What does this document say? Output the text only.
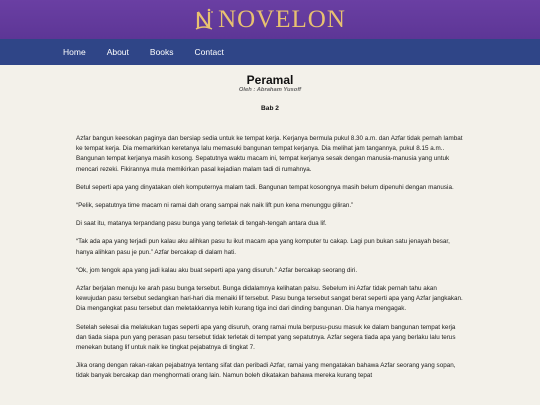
NOVELON
Home About Books Contact
Peramal

Oleh : Abraham Yusoff

Bab 2

Azfar bangun keesokan paginya dan bersiap sedia untuk ke tempat kerja. Kerjanya bermula pukul 8.30 a.m. dan Azfar tidak pernah lambat ke tempat kerja. Dia memarkirkan keretanya lalu memasuki bangunan tempat kerjanya. Dia melihat jam tangannya, pukul 8.15 a.m.. Bangunan tempat kerjanya masih kosong. Sepatutnya waktu macam ini, tempat kerjanya sesak dengan manusia-manusia yang untuk mencari rezeki. Fikirannya mula memikirkan pasal kejadian malam tadi di rumahnya.

Betul seperti apa yang dinyatakan oleh komputernya malam tadi. Bangunan tempat kosongnya masih belum dipenuhi dengan manusia.

“Pelik, sepatutnya time macam ni ramai dah orang sampai nak naik lift pun kena menunggu giliran.”

Di saat itu, matanya terpandang pasu bunga yang terletak di tengah-tengah antara dua lif.

“Tak ada apa yang terjadi pun kalau aku alihkan pasu tu ikut macam apa yang komputer tu cakap. Lagi pun bukan satu jenayah besar, hanya alihkan pasu je pun.” Azfar bercakap di dalam hati.

“Ok, jom tengok apa yang jadi kalau aku buat seperti apa yang disuruh.” Azfar bercakap seorang diri.

Azfar berjalan menuju ke arah pasu bunga tersebut. Bunga didalamnya kelihatan palsu. Sebelum ini Azfar tidak pernah tahu akan kewujudan pasu tersebut sedangkan hari-hari dia menaiki lif tersebut. Pasu bunga tersebut sangat berat seperti apa yang Azfar jangkakan. Dia mengangkat pasu tersebut dan meletakkannya lebih kurang tiga inci dari dinding bangunan. Dia hanya mengagak.

Setelah selesai dia melakukan tugas seperti apa yang disuruh, orang ramai mula berpusu-pusu masuk ke dalam bangunan tempat kerja dan tiada siapa pun yang perasan pasu tersebut tidak terletak di tempat yang sepatutnya. Azfar segera tiada apa yang berlaku lalu terus menekan butang lif untuk naik ke tingkat pejabatnya di tingkat 7.

Jika orang dengan rakan-rakan pejabatnya tentang sifat dan peribadi Azfar, ramai yang mengatakan bahawa Azfar seorang yang sopan, tidak banyak bercakap dan menghormati orang lain. Namun boleh dikatakan bahawa mereka kurang tepat
